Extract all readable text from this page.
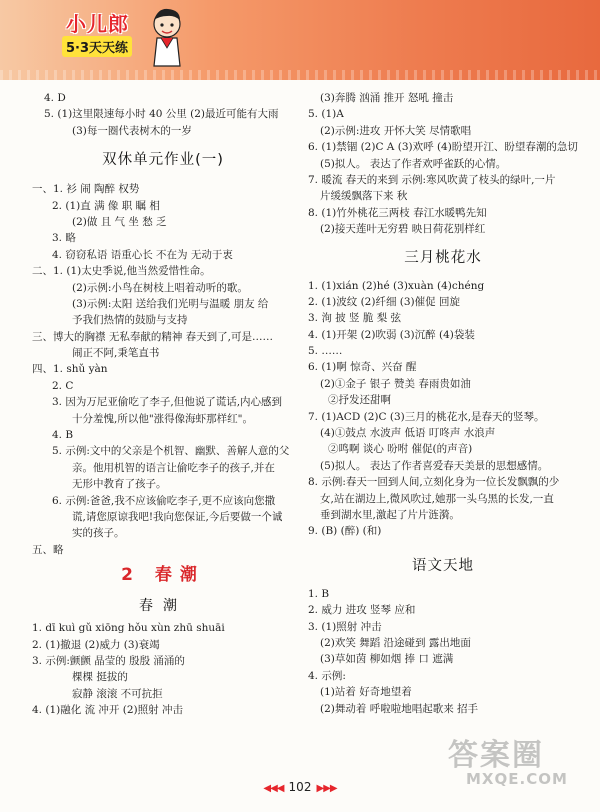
小儿郎
5·3天天练
4. D
5. (1)这里限速每小时 40 公里 (2)最近可能有大雨
(3)每一圈代表树木的一岁
双休单元作业(一)
一、1. 衫 闹 陶醉 权势
2. (1)直 满 像 职 瞩 相
(2)做 且 气 坐 愁 乏
3. 略
4. 窃窃私语 语重心长 不在为 无动于衷
二、1. (1)太史季说,他当然爱惜性命。
(2)示例:小鸟在树枝上唱着动听的歌。
(3)示例:太阳 送给我们光明与温暖 朋友 给
予我们热情的鼓励与支持
三、博大的胸襟 无私奉献的精神 春天到了,可是……
闹正不阿,秉笔直书
四、1. shǔ yàn
2. C
3. 因为万尼亚偷吃了李子,但他说了谎话,内心感到
十分羞愧,所以他"涨得像海虾那样红"。
4. B
5. 示例:文中的父亲是个机智、幽默、善解人意的父
亲。他用机智的语言让偷吃李子的孩子,并在
无形中教育了孩子。
6. 示例:爸爸,我不应该偷吃李子,更不应该向您撒
谎,请您原谅我吧!我向您保证,今后要做一个诚
实的孩子。
五、略
2 春潮
春潮
1. dī kuì gǔ xiōng hǒu xùn zhū shuāi
2. (1)撤退 (2)威力 (3)衰竭
3. 示例:颤颤 晶莹的 殷殷 涌涌的
棵棵 挺拔的
寂静 滚滚 不可抗拒
4. (1)融化 流 冲开 (2)照射 冲击
(3)奔腾 汹涌 推开 怒吼 撞击
5. (1)A
(2)示例:进攻 开怀大笑 尽情歌唱
6. (1)禁锢 (2)C A (3)欢呼 (4)盼望开江、盼望春潮的急切
(5)拟人。 表达了作者欢呼雀跃的心情。
7. 暖流 春天的来到 示例:寒风吹黄了枝头的绿叶,一片
片缓缓飘落下来 秋
8. (1)竹外桃花三两枝 春江水暖鸭先知
(2)接天莲叶无穷碧 映日荷花别样红
三月桃花水
1. (1)xián (2)hé (3)xuàn (4)chéng
2. (1)波纹 (2)纤细 (3)催促 回旋
3. 洵 披 竖 脆 梨 弦
4. (1)开架 (2)吹弱 (3)沉醉 (4)袋装
5. ……
6. (1)啊 惊奇、兴奋 醒
(2)①金子 银子 赞美 春雨贵如油
②抒发还甜啊
7. (1)ACD (2)C (3)三月的桃花水,是春天的竖琴。
(4)①鼓点 水波声 低语 叮咚声 水浪声
②鸣啊 谈心 吩咐 催促(的声音)
(5)拟人。 表达了作者喜爱春天美景的思想感情。
8. 示例:春天一回到人间,立刻化身为一位长发飘飘的少
女,站在湖边上,微风吹过,她那一头乌黑的长发,一直
垂到湖水里,激起了片片涟漪。
9. (B) (醉) (和)
语文天地
1. B
2. 威力 进攻 竖琴 应和
3. (1)照射 冲击
(2)欢笑 舞蹈 沿途碰到 露出地面
(3)草如茵 柳如烟 捧 口 遮满
4. 示例:
(1)站着 好奇地望着
(2)舞动着 呼啦啦地唱起歌来 招手
答案圈
MXQE.COM
◀◀◀ 102 ▶▶▶
